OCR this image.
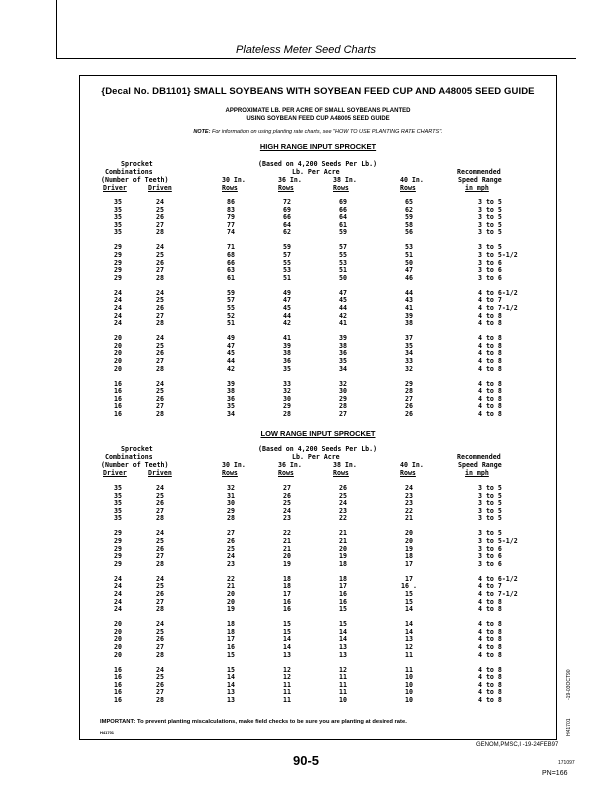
Plateless Meter Seed Charts
{Decal No. DB1101} SMALL SOYBEANS WITH SOYBEAN FEED CUP AND A48005 SEED GUIDE
APPROXIMATE LB. PER ACRE OF SMALL SOYBEANS PLANTED
USING SOYBEAN FEED CUP A48005 SEED GUIDE
NOTE: For information on using planting rate charts, see "HOW TO USE PLANTING RATE CHARTS".
HIGH RANGE INPUT SPROCKET
Sprocket
Combinations
(Number of Teeth)
Driver	Driven
(Based on 4,200 Seeds Per Lb.)
Lb. Per Acre
30 In.
Rows
36 In.
Rows
38 In.
Rows
40 In.
Rows
Recommended
Speed Range
in mph
35	24	86	72	69	65	3 to 5
35	25	83	69	66	62	3 to 5
35	26	79	66	64	59	3 to 5
35	27	77	64	61	58	3 to 5
35	28	74	62	59	56	3 to 5
29	24	71	59	57	53	3 to 5
29	25	68	57	55	51	3 to 5-1/2
29	26	66	55	53	50	3 to 6
29	27	63	53	51	47	3 to 6
29	28	61	51	50	46	3 to 6
24	24	59	49	47	44	4 to 6-1/2
24	25	57	47	45	43	4 to 7
24	26	55	45	44	41	4 to 7-1/2
24	27	52	44	42	39	4 to 8
24	28	51	42	41	38	4 to 8
20	24	49	41	39	37	4 to 8
20	25	47	39	38	35	4 to 8
20	26	45	38	36	34	4 to 8
20	27	44	36	35	33	4 to 8
20	28	42	35	34	32	4 to 8
16	24	39	33	32	29	4 to 8
16	25	38	32	30	28	4 to 8
16	26	36	30	29	27	4 to 8
16	27	35	29	28	26	4 to 8
16	28	34	28	27	26	4 to 8
LOW RANGE INPUT SPROCKET
Sprocket
Combinations
(Number of Teeth)
Driver	Driven
(Based on 4,200 Seeds Per Lb.)
Lb. Per Acre
30 In.
Rows
36 In.
Rows
38 In.
Rows
40 In.
Rows
Recommended
Speed Range
in mph
35	24	32	27	26	24	3 to 5
35	25	31	26	25	23	3 to 5
35	26	30	25	24	23	3 to 5
35	27	29	24	23	22	3 to 5
35	28	28	23	22	21	3 to 5
29	24	27	22	21	20	3 to 5
29	25	26	21	21	20	3 to 5-1/2
29	26	25	21	20	19	3 to 6
29	27	24	20	19	18	3 to 6
29	28	23	19	18	17	3 to 6
24	24	22	18	18	17	4 to 6-1/2
24	25	21	18	17	16 .	4 to 7
24	26	20	17	16	15	4 to 7-1/2
24	27	20	16	16	15	4 to 8
24	28	19	16	15	14	4 to 8
20	24	18	15	15	14	4 to 8
20	25	18	15	14	14	4 to 8
20	26	17	14	14	13	4 to 8
20	27	16	14	13	12	4 to 8
20	28	15	13	13	11	4 to 8
16	24	15	12	12	11	4 to 8
16	25	14	12	11	10	4 to 8
16	26	14	11	11	10	4 to 8
16	27	13	11	11	10	4 to 8
16	28	13	11	10	10	4 to 8
IMPORTANT: To prevent planting miscalculations, make field checks to be sure you are planting at desired rate.
H41701
-19-03OCT90
H41701
GENOM,PMSC,I -19-24FEB97
90-5	171097
PN=166
